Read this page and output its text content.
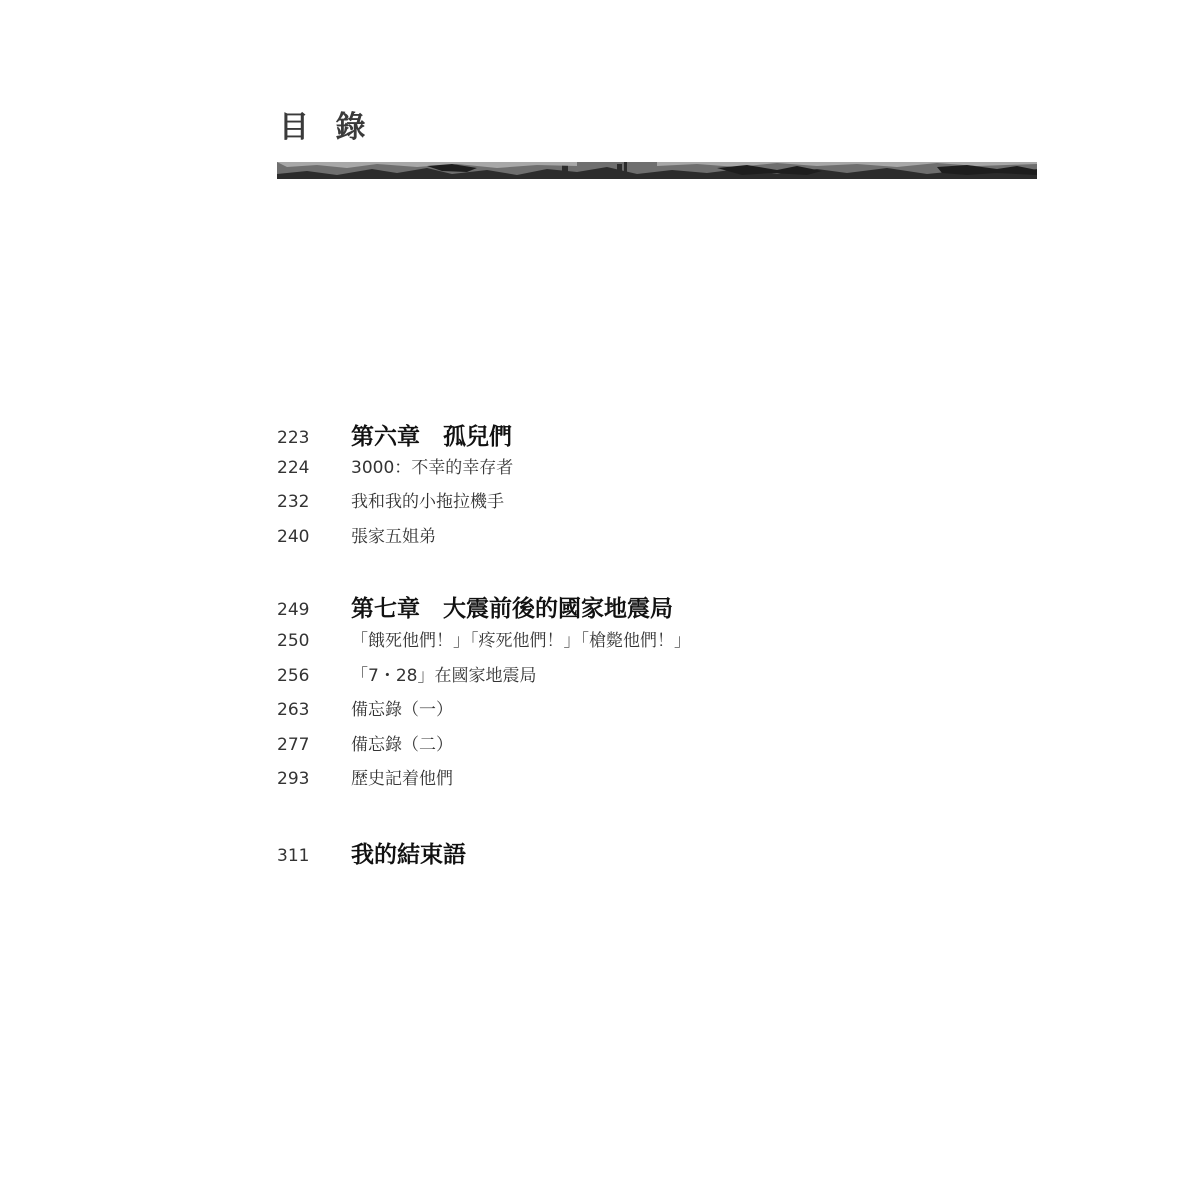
目 錄
223	第六章　孤兒們
224	3000：不幸的幸存者
232	我和我的小拖拉機手
240	張家五姐弟
249	第七章　大震前後的國家地震局
250	「餓死他們！」「疼死他們！」「槍斃他們！」
256	「7・28」在國家地震局
263	備忘錄（一）
277	備忘錄（二）
293	歷史記着他們
311	我的結束語
